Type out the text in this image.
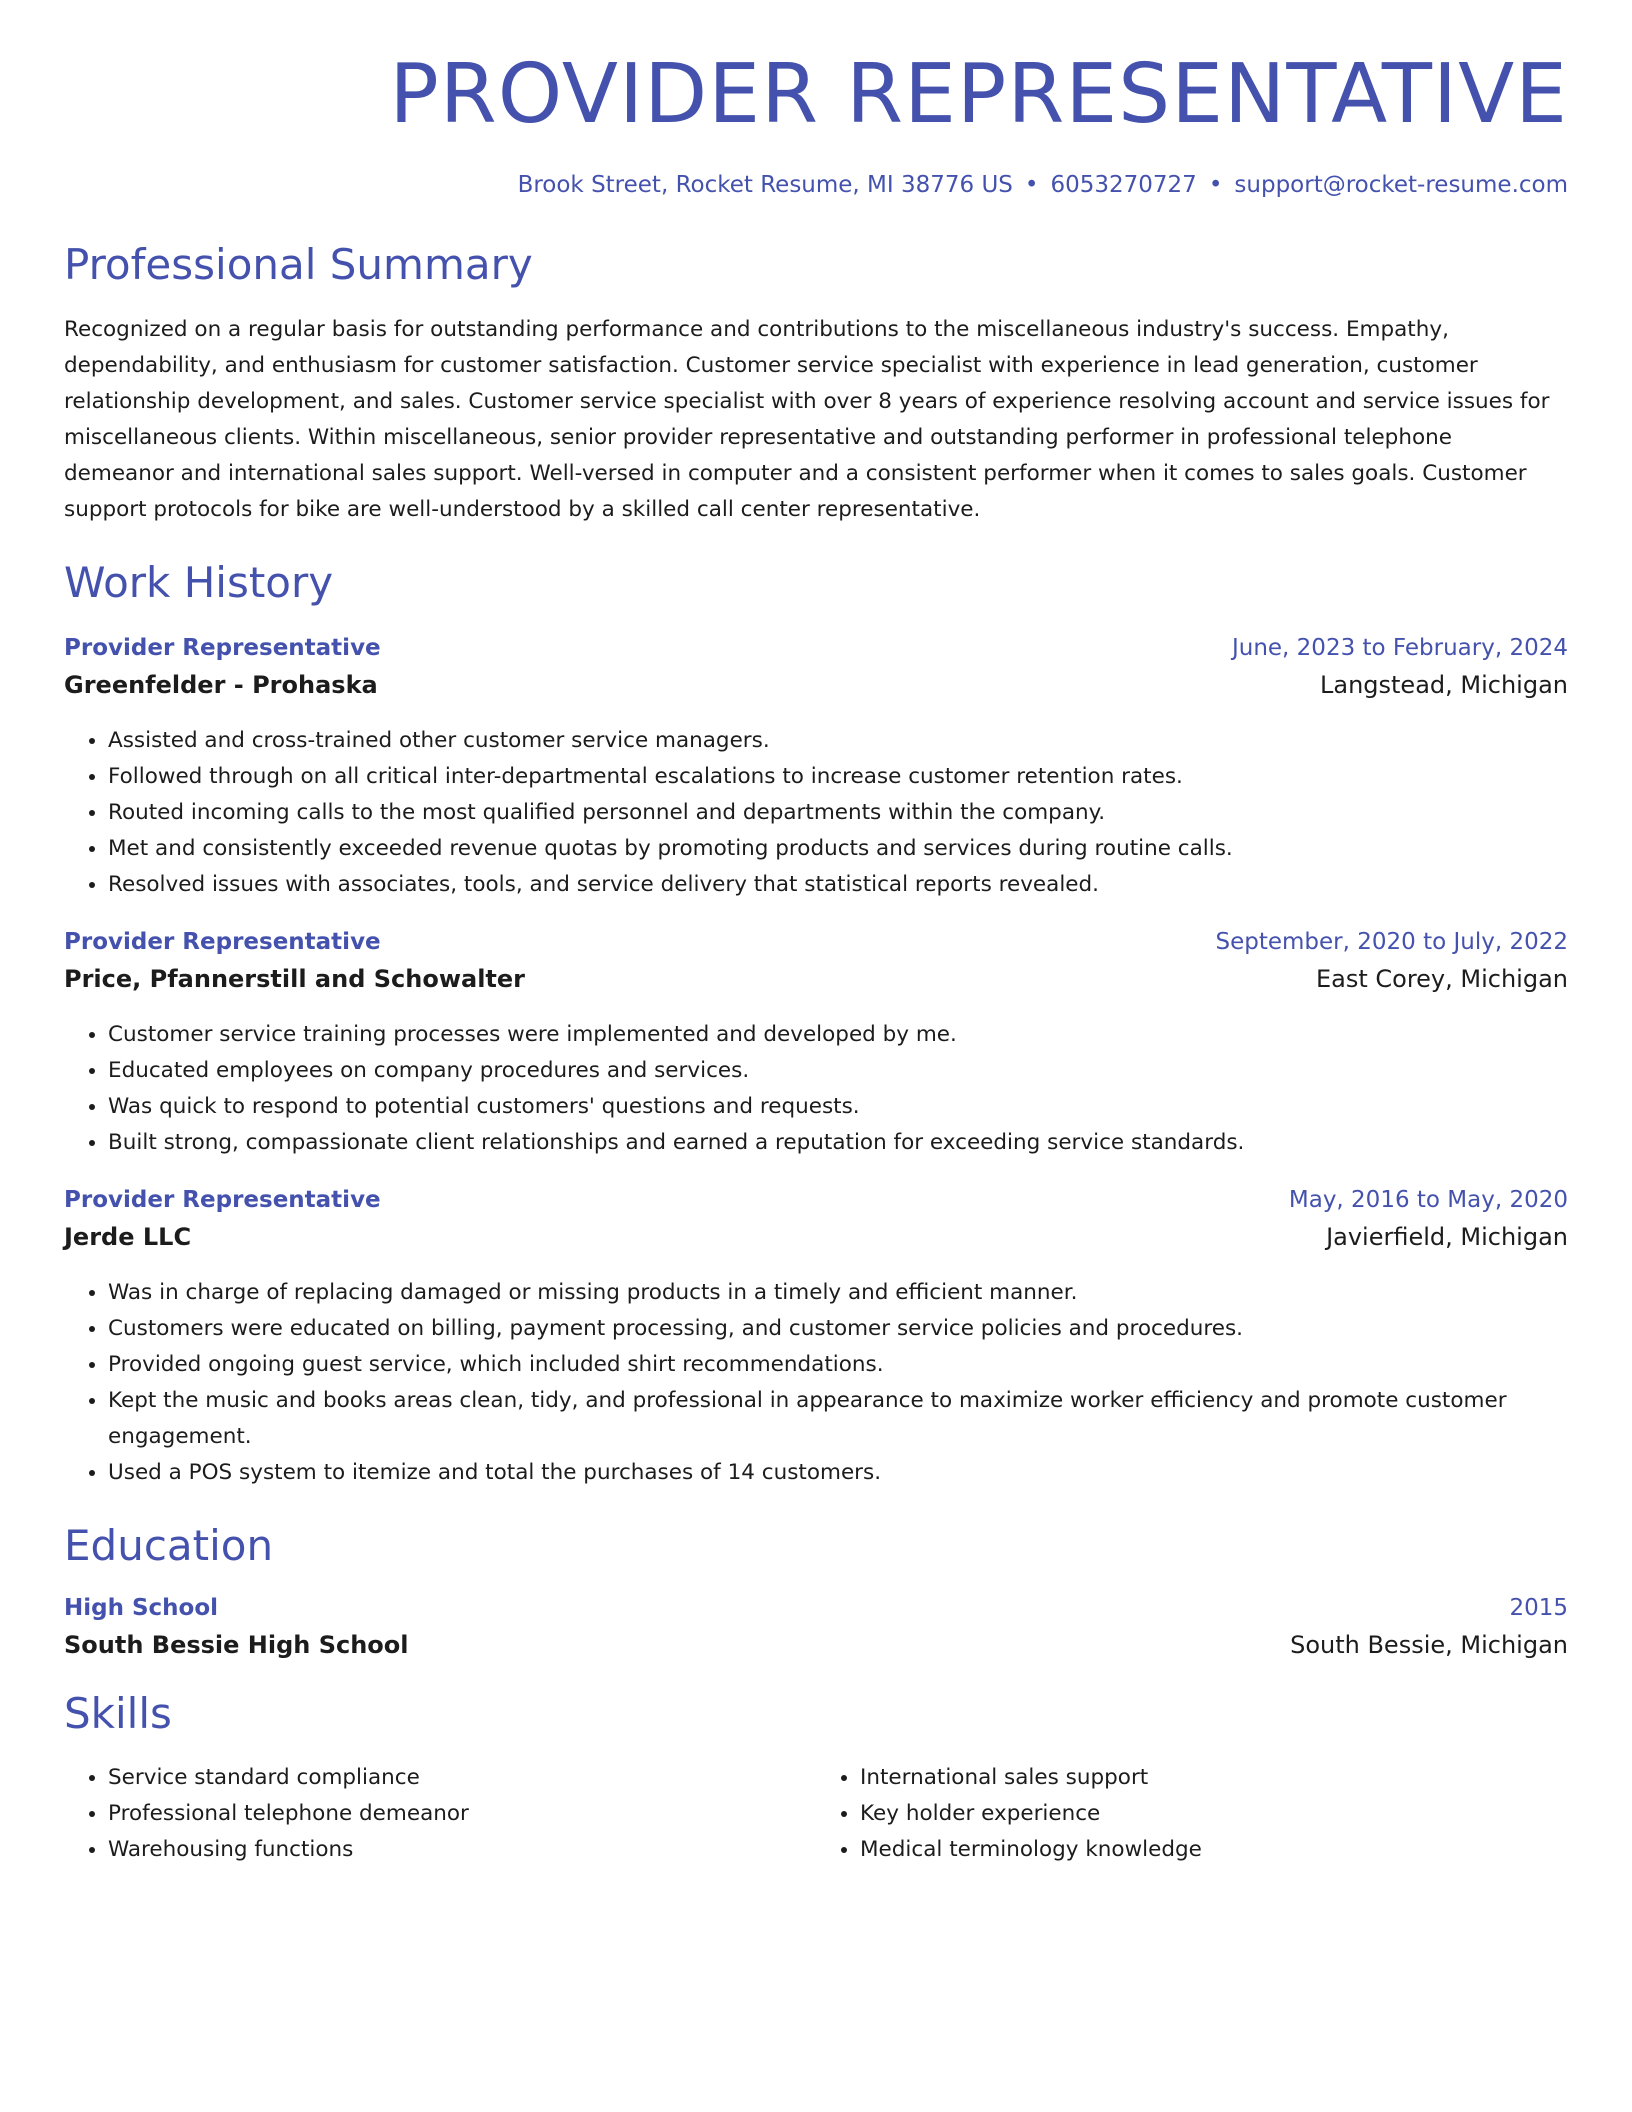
PROVIDER REPRESENTATIVE
Brook Street, Rocket Resume, MI 38776 US • 6053270727 • support@rocket-resume.com
Professional Summary

Recognized on a regular basis for outstanding performance and contributions to the miscellaneous industry's success. Empathy, dependability, and enthusiasm for customer satisfaction. Customer service specialist with experience in lead generation, customer relationship development, and sales. Customer service specialist with over 8 years of experience resolving account and service issues for miscellaneous clients. Within miscellaneous, senior provider representative and outstanding performer in professional telephone demeanor and international sales support. Well-versed in computer and a consistent performer when it comes to sales goals. Customer support protocols for bike are well-understood by a skilled call center representative.

Work History
Provider Representative	June, 2023 to February, 2024
Greenfelder - Prohaska	Langstead, Michigan
• Assisted and cross-trained other customer service managers.
• Followed through on all critical inter-departmental escalations to increase customer retention rates.
• Routed incoming calls to the most qualified personnel and departments within the company.
• Met and consistently exceeded revenue quotas by promoting products and services during routine calls.
• Resolved issues with associates, tools, and service delivery that statistical reports revealed.
Provider Representative	September, 2020 to July, 2022
Price, Pfannerstill and Schowalter	East Corey, Michigan
• Customer service training processes were implemented and developed by me.
• Educated employees on company procedures and services.
• Was quick to respond to potential customers' questions and requests.
• Built strong, compassionate client relationships and earned a reputation for exceeding service standards.
Provider Representative	May, 2016 to May, 2020
Jerde LLC	Javierfield, Michigan
• Was in charge of replacing damaged or missing products in a timely and efficient manner.
• Customers were educated on billing, payment processing, and customer service policies and procedures.
• Provided ongoing guest service, which included shirt recommendations.
• Kept the music and books areas clean, tidy, and professional in appearance to maximize worker efficiency and promote customer engagement.
• Used a POS system to itemize and total the purchases of 14 customers.
Education
High School	2015
South Bessie High School	South Bessie, Michigan
Skills
• Service standard compliance
• Professional telephone demeanor
• Warehousing functions
• International sales support
• Key holder experience
• Medical terminology knowledge
